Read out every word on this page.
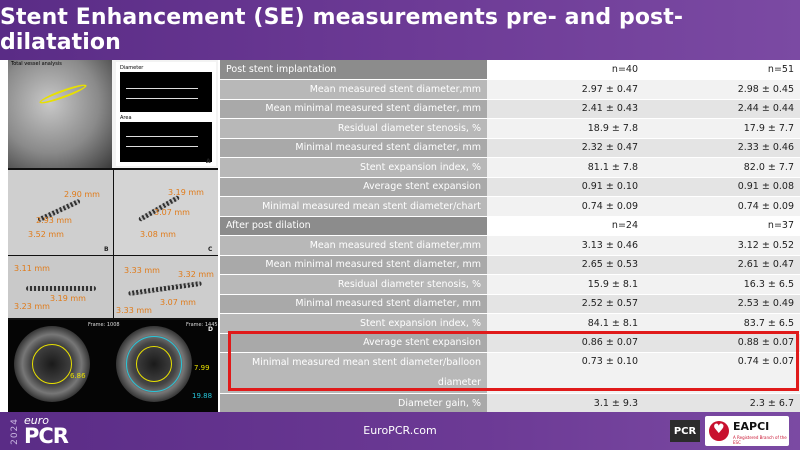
Stent Enhancement (SE) measurements pre- and post-dilatation
Total vessel analysis
Diameter
Area
A
2.90 mm
2.93 mm
3.52 mm
B
3.19 mm
3.07 mm
3.08 mm
C
3.11 mm
3.19 mm
3.23 mm
3.33 mm 3.32 mm
3.07 mm
3.33 mm
Frame: 1008	Frame: 1445
6.86
7.99
19.88
D
Post stent implantation	n=40	n=51
Mean measured stent diameter,mm	2.97 ± 0.47	2.98 ± 0.45
Mean minimal measured stent diameter, mm	2.41 ± 0.43	2.44 ± 0.44
Residual diameter stenosis, %	18.9 ± 7.8	17.9 ± 7.7
Minimal measured stent diameter, mm	2.32 ± 0.47	2.33 ± 0.46
Stent expansion index, %	81.1 ± 7.8	82.0 ± 7.7
Average stent expansion	0.91 ± 0.10	0.91 ± 0.08
Minimal measured mean stent diameter/chart	0.74 ± 0.09	0.74 ± 0.09
After post dilation	n=24	n=37
Mean measured stent diameter,mm	3.13 ± 0.46	3.12 ± 0.52
Mean minimal measured stent diameter, mm	2.65 ± 0.53	2.61 ± 0.47
Residual diameter stenosis, %	15.9 ± 8.1	16.3 ± 6.5
Minimal measured stent diameter, mm	2.52 ± 0.57	2.53 ± 0.49
Stent expansion index, %	84.1 ± 8.1	83.7 ± 6.5
Average stent expansion	0.86 ± 0.07	0.88 ± 0.07
Minimal measured mean stent diameter/balloon diameter	0.73 ± 0.10	0.74 ± 0.07
Diameter gain, %	3.1 ± 9.3	2.3 ± 6.7
2024 euro
PCR	EuroPCR.com	PCR ♥	EAPCI
A Registered Branch of the ESC
